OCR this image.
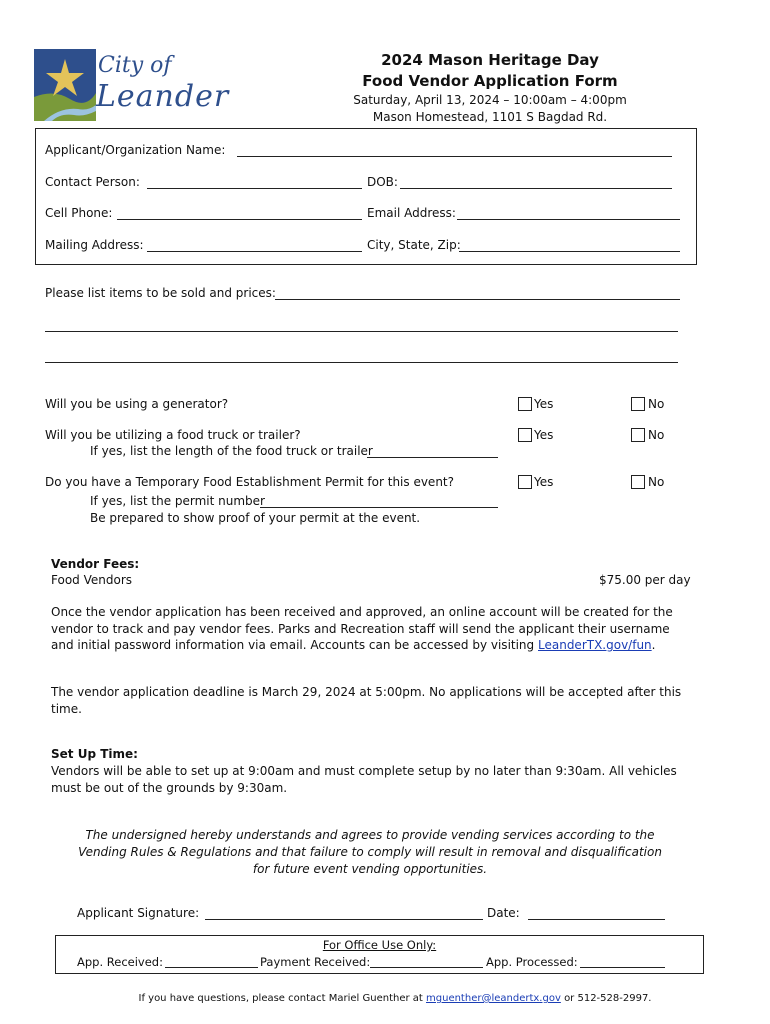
City of
Leander
2024 Mason Heritage Day
Food Vendor Application Form
Saturday, April 13, 2024 – 10:00am – 4:00pm
Mason Homestead, 1101 S Bagdad Rd.
Applicant/Organization Name:
Contact Person:	DOB:
Cell Phone:	Email Address:
Mailing Address:	City, State, Zip:
Please list items to be sold and prices:
Will you be using a generator?	Yes	No
Will you be utilizing a food truck or trailer?	Yes	No
If yes, list the length of the food truck or trailer
Do you have a Temporary Food Establishment Permit for this event?	Yes	No
If yes, list the permit number
Be prepared to show proof of your permit at the event.
Vendor Fees:
Food Vendors	$75.00 per day
Once the vendor application has been received and approved, an online account will be created for the vendor to track and pay vendor fees. Parks and Recreation staff will send the applicant their username and initial password information via email. Accounts can be accessed by visiting LeanderTX.gov/fun.
The vendor application deadline is March 29, 2024 at 5:00pm. No applications will be accepted after this time.
Set Up Time:
Vendors will be able to set up at 9:00am and must complete setup by no later than 9:30am. All vehicles must be out of the grounds by 9:30am.
The undersigned hereby understands and agrees to provide vending services according to the Vending Rules & Regulations and that failure to comply will result in removal and disqualification for future event vending opportunities.
Applicant Signature:	Date:
For Office Use Only:
App. Received:	Payment Received:	App. Processed:
If you have questions, please contact Mariel Guenther at mguenther@leandertx.gov or 512-528-2997.
